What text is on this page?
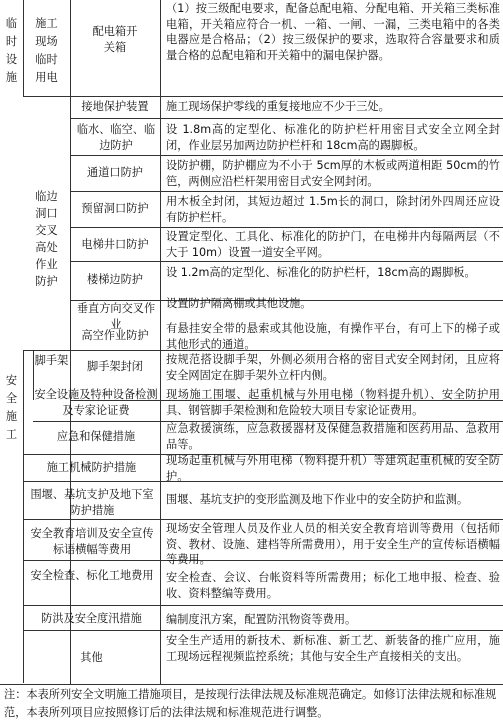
临
时
设
施
安
全
施
工
施工
现场
临时
用电
临边
洞口
交叉
高处
作业
防护
脚手架
配电箱开关箱
接地保护装置
临水、临空、临边防护
通道口防护
预留洞口防护
电梯井口防护
楼梯边防护
垂直方向交叉作业
高空作业防护
脚手架封闭
安全设施及特种设备检测及专家论证费
应急和保健措施
施工机械防护措施
围堰、基坑支护及地下室防护措施
安全教育培训及安全宣传标语横幅等费用
安全检查、标化工地费用
防洪及安全度汛措施
其他
（1）按三级配电要求，配备总配电箱、分配电箱、开关箱三类标准电箱，开关箱应符合一机、一箱、一闸、一漏，三类电箱中的各类电器应是合格品；（2）按三级保护的要求，选取符合容量要求和质量合格的总配电箱和开关箱中的漏电保护器。
施工现场保护零线的重复接地应不少于三处。
设 1.8m高的定型化、标准化的防护栏杆用密目式安全立网全封闭，作业层另加两边防护栏杆和 18cm高的踢脚板。
设防护棚，防护棚应为不小于 5cm厚的木板或两道相距 50cm的竹笆，两侧应沿栏杆架用密目式安全网封闭。
用木板全封闭，其短边超过 1.5m长的洞口，除封闭外四周还应设有防护栏杆。
设置定型化、工具化、标准化的防护门，在电梯井内每隔两层（不大于 10m）设置一道安全平网。
设 1.2m高的定型化、标准化的防护栏杆，18cm高的踢脚板。
设置防护隔离棚或其他设施。
有悬挂安全带的悬索或其他设施，有操作平台，有可上下的梯子或其他形式的通道。
按规范搭设脚手架，外侧必须用合格的密目式安全网封闭，且应将安全网固定在脚手架外立杆内侧。
现场施工围堰、起重机械与外用电梯（物料提升机）、安全防护用具、钢管脚手架检测和危险较大项目专家论证费用。
应急救援演练，应急救援器材及保健急救措施和医药用品、急救用品等。
现场起重机械与外用电梯（物料提升机）等建筑起重机械的安全防护。
围堰、基坑支护的变形监测及地下作业中的安全防护和监测。
现场安全管理人员及作业人员的相关安全教育培训等费用（包括师资、教材、设施、建档等所需费用），用于安全生产的宣传标语横幅等费用。
安全检查、会议、台帐资料等所需费用；标化工地申报、检查、验收、资料整编等费用。
编制度汛方案，配置防汛物资等费用。
安全生产适用的新技术、新标准、新工艺、新装备的推广应用，施工现场远程视频监控系统；其他与安全生产直接相关的支出。
注：本表所列安全文明施工措施项目，是按现行法律法规及标准规范确定。如修订法律法规和标准规范，本表所列项目应按照修订后的法律法规和标准规范进行调整。
